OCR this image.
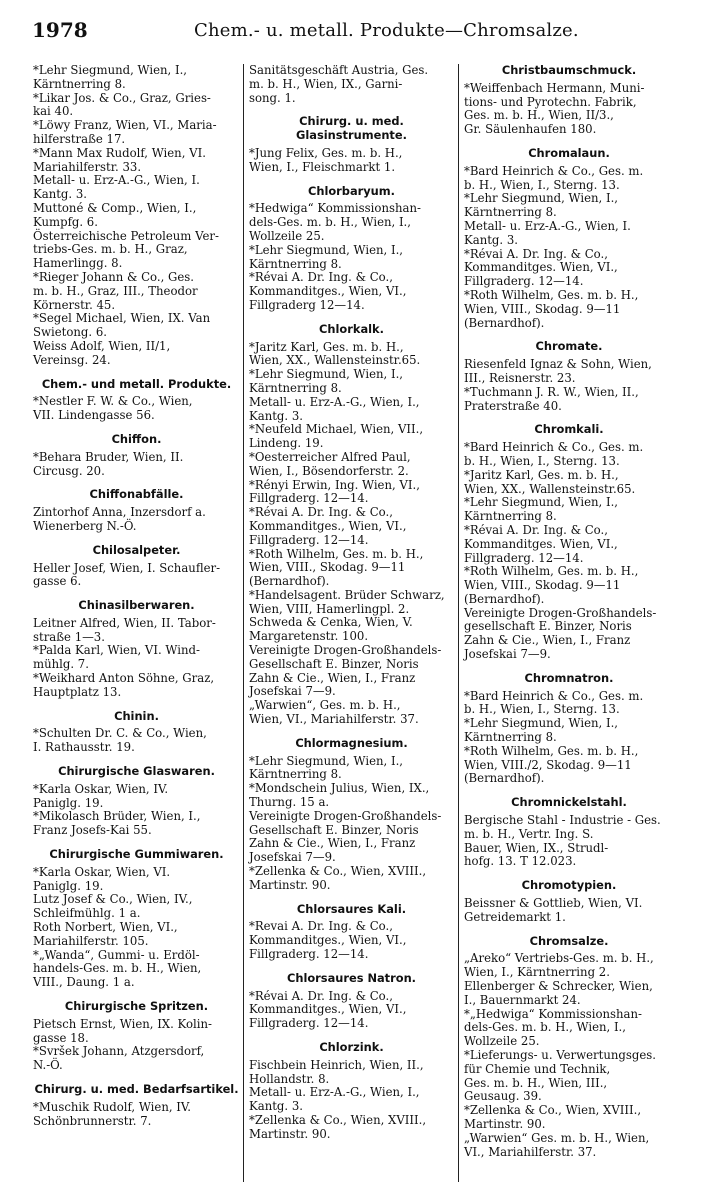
1978	Chem.- u. metall. Produkte—Chromsalze.
*Lehr Siegmund, Wien, I.,
Kärntnerring 8.
*Likar Jos. & Co., Graz, Gries-
kai 40.
*Löwy Franz, Wien, VI., Maria-
hilferstraße 17.
*Mann Max Rudolf, Wien, VI.
Mariahilferstr. 33.
Metall- u. Erz-A.-G., Wien, I.
Kantg. 3.
Muttoné & Comp., Wien, I.,
Kumpfg. 6.
Österreichische Petroleum Ver-
triebs-Ges. m. b. H., Graz,
Hamerlingg. 8.
*Rieger Johann & Co., Ges.
m. b. H., Graz, III., Theodor
Körnerstr. 45.
*Segel Michael, Wien, IX. Van
Swietong. 6.
Weiss Adolf, Wien, II/1,
Vereinsg. 24.
Chem.- und metall. Produkte.
*Nestler F. W. & Co., Wien,
VII. Lindengasse 56.
Chiffon.
*Behara Bruder, Wien, II.
Circusg. 20.
Chiffonabfälle.
Zintorhof Anna, Inzersdorf a.
Wienerberg N.-Ö.
Chilosalpeter.
Heller Josef, Wien, I. Schaufler-
gasse 6.
Chinasilberwaren.
Leitner Alfred, Wien, II. Tabor-
straße 1—3.
*Palda Karl, Wien, VI. Wind-
mühlg. 7.
*Weikhard Anton Söhne, Graz,
Hauptplatz 13.
Chinin.
*Schulten Dr. C. & Co., Wien,
I. Rathausstr. 19.
Chirurgische Glaswaren.
*Karla Oskar, Wien, IV.
Paniglg. 19.
*Mikolasch Brüder, Wien, I.,
Franz Josefs-Kai 55.
Chirurgische Gummiwaren.
*Karla Oskar, Wien, VI.
Paniglg. 19.
Lutz Josef & Co., Wien, IV.,
Schleifmühlg. 1 a.
Roth Norbert, Wien, VI.,
Mariahilferstr. 105.
*„Wanda“, Gummi- u. Erdöl-
handels-Ges. m. b. H., Wien,
VIII., Daung. 1 a.
Chirurgische Spritzen.
Pietsch Ernst, Wien, IX. Kolin-
gasse 18.
*Svršek Johann, Atzgersdorf,
N.-Ö.
Chirurg. u. med. Bedarfsartikel.
*Muschik Rudolf, Wien, IV.
Schönbrunnerstr. 7.
Sanitätsgeschäft Austria, Ges.
m. b. H., Wien, IX., Garni-
song. 1.
Chirurg. u. med. Glasinstrumente.
*Jung Felix, Ges. m. b. H.,
Wien, I., Fleischmarkt 1.
Chlorbaryum.
*Hedwiga“ Kommissionshan-
dels-Ges. m. b. H., Wien, I.,
Wollzeile 25.
*Lehr Siegmund, Wien, I.,
Kärntnerring 8.
*Révai A. Dr. Ing. & Co.,
Kommanditges., Wien, VI.,
Fillgraderg 12—14.
Chlorkalk.
*Jaritz Karl, Ges. m. b. H.,
Wien, XX., Wallensteinstr.65.
*Lehr Siegmund, Wien, I.,
Kärntnerring 8.
Metall- u. Erz-A.-G., Wien, I.,
Kantg. 3.
*Neufeld Michael, Wien, VII.,
Lindeng. 19.
*Oesterreicher Alfred Paul,
Wien, I., Bösendorferstr. 2.
*Rényi Erwin, Ing. Wien, VI.,
Fillgraderg. 12—14.
*Révai A. Dr. Ing. & Co.,
Kommanditges., Wien, VI.,
Fillgraderg. 12—14.
*Roth Wilhelm, Ges. m. b. H.,
Wien, VIII., Skodag. 9—11
(Bernardhof).
*Handelsagent. Brüder Schwarz,
Wien, VIII, Hamerlingpl. 2.
Schweda & Cenka, Wien, V.
Margaretenstr. 100.
Vereinigte Drogen-Großhandels-
Gesellschaft E. Binzer, Noris
Zahn & Cie., Wien, I., Franz
Josefskai 7—9.
„Warwien“, Ges. m. b. H.,
Wien, VI., Mariahilferstr. 37.
Chlormagnesium.
*Lehr Siegmund, Wien, I.,
Kärntnerring 8.
*Mondschein Julius, Wien, IX.,
Thurng. 15 a.
Vereinigte Drogen-Großhandels-
Gesellschaft E. Binzer, Noris
Zahn & Cie., Wien, I., Franz
Josefskai 7—9.
*Zellenka & Co., Wien, XVIII.,
Martinstr. 90.
Chlorsaures Kali.
*Revai A. Dr. Ing. & Co.,
Kommanditges., Wien, VI.,
Fillgraderg. 12—14.
Chlorsaures Natron.
*Révai A. Dr. Ing. & Co.,
Kommanditges., Wien, VI.,
Fillgraderg. 12—14.
Chlorzink.
Fischbein Heinrich, Wien, II.,
Hollandstr. 8.
Metall- u. Erz-A.-G., Wien, I.,
Kantg. 3.
*Zellenka & Co., Wien, XVIII.,
Martinstr. 90.
Christbaumschmuck.
*Weiffenbach Hermann, Muni-
tions- und Pyrotechn. Fabrik,
Ges. m. b. H., Wien, II/3.,
Gr. Säulenhaufen 180.
Chromalaun.
*Bard Heinrich & Co., Ges. m.
b. H., Wien, I., Sterng. 13.
*Lehr Siegmund, Wien, I.,
Kärntnerring 8.
Metall- u. Erz-A.-G., Wien, I.
Kantg. 3.
*Révai A. Dr. Ing. & Co.,
Kommanditges. Wien, VI.,
Fillgraderg. 12—14.
*Roth Wilhelm, Ges. m. b. H.,
Wien, VIII., Skodag. 9—11
(Bernardhof).
Chromate.
Riesenfeld Ignaz & Sohn, Wien,
III., Reisnerstr. 23.
*Tuchmann J. R. W., Wien, II.,
Praterstraße 40.
Chromkali.
*Bard Heinrich & Co., Ges. m.
b. H., Wien, I., Sterng. 13.
*Jaritz Karl, Ges. m. b. H.,
Wien, XX., Wallensteinstr.65.
*Lehr Siegmund, Wien, I.,
Kärntnerring 8.
*Révai A. Dr. Ing. & Co.,
Kommanditges. Wien, VI.,
Fillgraderg. 12—14.
*Roth Wilhelm, Ges. m. b. H.,
Wien, VIII., Skodag. 9—11
(Bernardhof).
Vereinigte Drogen-Großhandels-
gesellschaft E. Binzer, Noris
Zahn & Cie., Wien, I., Franz
Josefskai 7—9.
Chromnatron.
*Bard Heinrich & Co., Ges. m.
b. H., Wien, I., Sterng. 13.
*Lehr Siegmund, Wien, I.,
Kärntnerring 8.
*Roth Wilhelm, Ges. m. b. H.,
Wien, VIII./2, Skodag. 9—11
(Bernardhof).
Chromnickelstahl.
Bergische Stahl - Industrie - Ges.
m. b. H., Vertr. Ing. S.
Bauer, Wien, IX., Strudl-
hofg. 13. T 12.023.
Chromotypien.
Beissner & Gottlieb, Wien, VI.
Getreidemarkt 1.
Chromsalze.
„Areko“ Vertriebs-Ges. m. b. H.,
Wien, I., Kärntnerring 2.
Ellenberger & Schrecker, Wien,
I., Bauernmarkt 24.
*„Hedwiga“ Kommissionshan-
dels-Ges. m. b. H., Wien, I.,
Wollzeile 25.
*Lieferungs- u. Verwertungsges.
für Chemie und Technik,
Ges. m. b. H., Wien, III.,
Geusaug. 39.
*Zellenka & Co., Wien, XVIII.,
Martinstr. 90.
„Warwien“ Ges. m. b. H., Wien,
VI., Mariahilferstr. 37.
